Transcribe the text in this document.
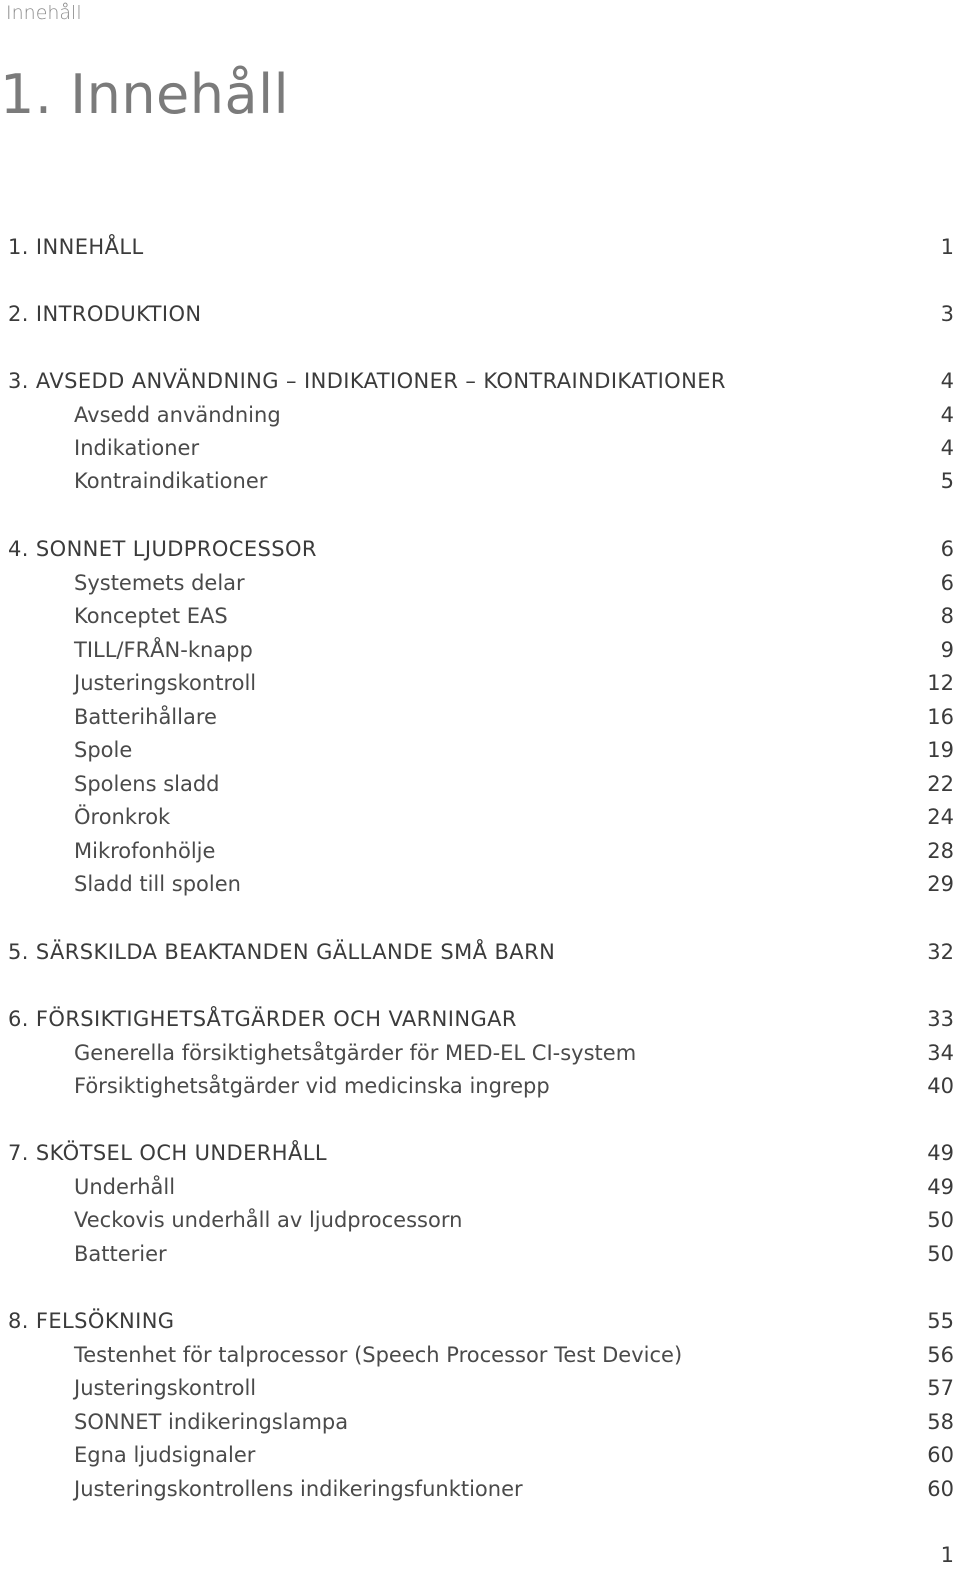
Innehåll
1. Innehåll
1. INNEHÅLL	1
2. INTRODUKTION	3
3. AVSEDD ANVÄNDNING – INDIKATIONER – KONTRAINDIKATIONER	4
Avsedd användning	4
Indikationer	4
Kontraindikationer	5
4. SONNET LJUDPROCESSOR	6
Systemets delar	6
Konceptet EAS	8
TILL/FRÅN-knapp	9
Justeringskontroll	12
Batterihållare	16
Spole	19
Spolens sladd	22
Öronkrok	24
Mikrofonhölje	28
Sladd till spolen	29
5. SÄRSKILDA BEAKTANDEN GÄLLANDE SMÅ BARN	32
6. FÖRSIKTIGHETSÅTGÄRDER OCH VARNINGAR	33
Generella försiktighetsåtgärder för MED-EL CI-system	34
Försiktighetsåtgärder vid medicinska ingrepp	40
7. SKÖTSEL OCH UNDERHÅLL	49
Underhåll	49
Veckovis underhåll av ljudprocessorn	50
Batterier	50
8. FELSÖKNING	55
Testenhet för talprocessor (Speech Processor Test Device)	56
Justeringskontroll	57
SONNET indikeringslampa	58
Egna ljudsignaler	60
Justeringskontrollens indikeringsfunktioner	60
1
